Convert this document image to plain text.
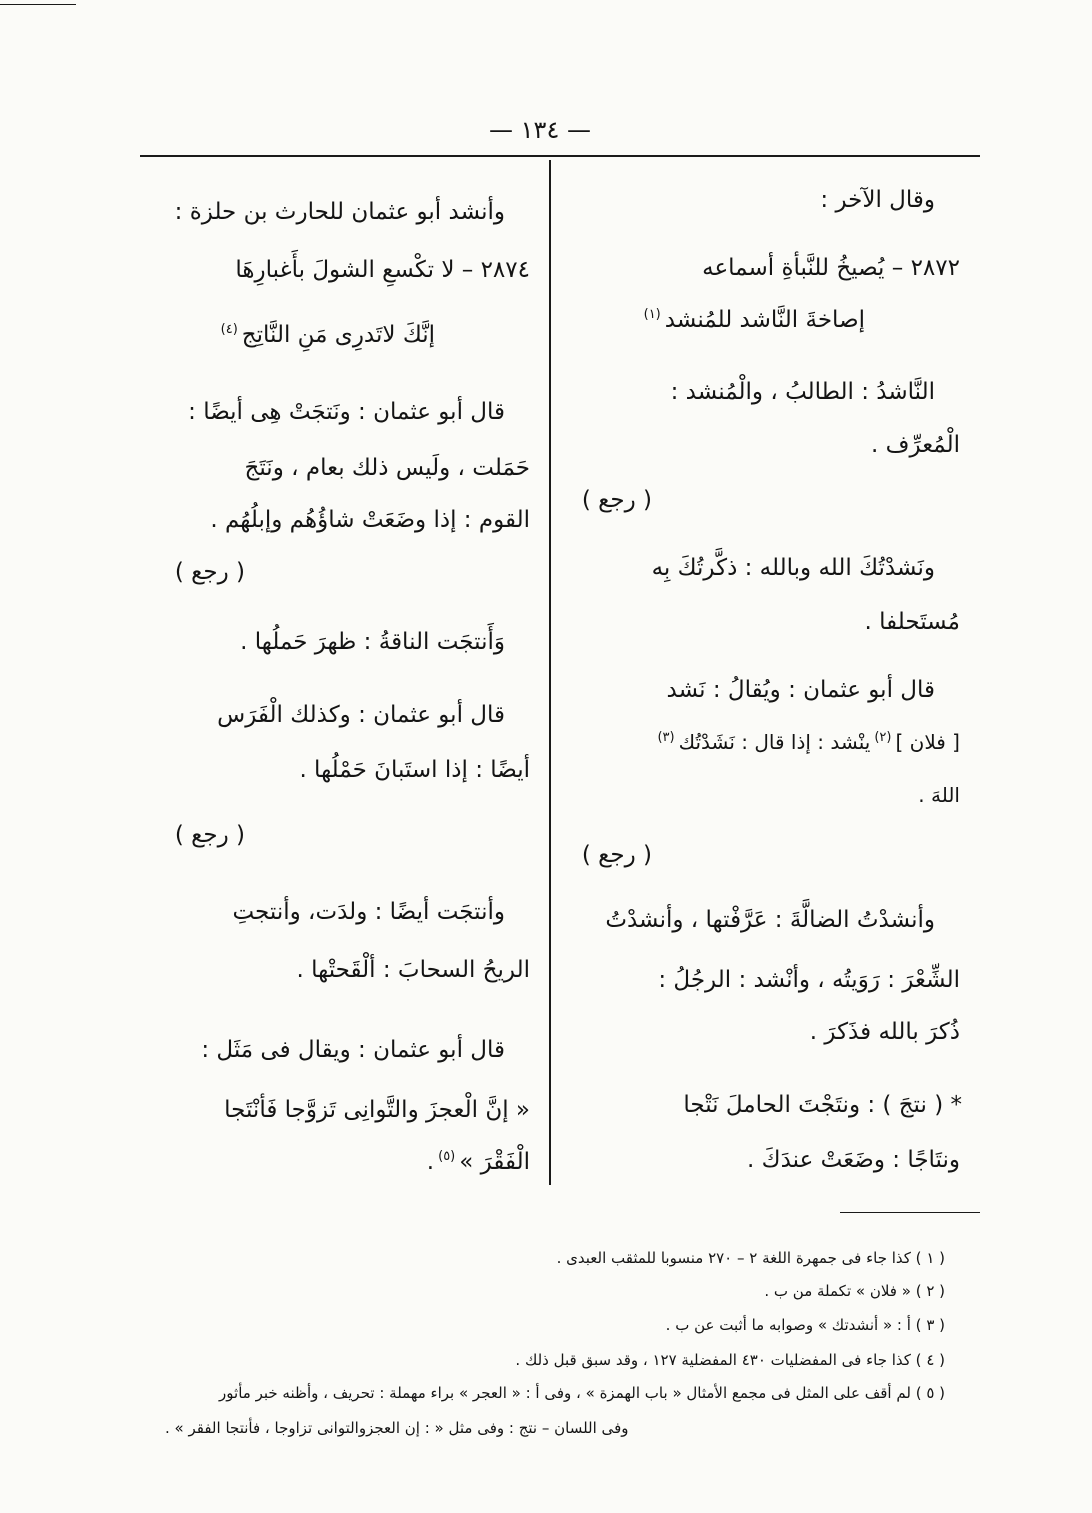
— ١٣٤ —
وقال الآخر :
٢٨٧٢ – يُصيخُ للنَّبأةِ أسماعه
إصاخةَ النَّاشد للمُنشد$^{(١)}$
النَّاشدُ : الطالبُ ، والْمُنشد :
الْمُعرِّف .
( رجع )
ونَشدْتُكَ الله وبالله : ذكَّرتُكَ بِه
مُستَحلفا .
قال أبو عثمان : ويُقالُ : نَشد
[ فلان ]$^{(٢)}$ينْشد : إذا قال : نَشَدْتُك$^{(٣)}$
اللهَ .
( رجع )
وأنشدْتُ الضالَّةَ : عَرَّفْتها ، وأنشدْتُ
الشِّعْرَ : رَوَيتُه ، وأنْشد : الرجُلُ :
ذُكرَ بالله فذَكرَ .
* ( نتجَ ) : ونتَجْتَ الحاملَ نَتْجا
ونتَاجًا : وضَعَتْ عندَكَ .
وأنشد أبو عثمان للحارث بن حلزة :
٢٨٧٤ – لا تكْسعِ الشولَ بأَغبارِهَا
إنَّكَ لاتَدرِى مَنِ النَّاتِج$^{(٤)}$
قال أبو عثمان : ونَتجَتْ هِى أيضًا :
حَمَلت ، ولَيس ذلك بعام ، ونَتَجَ
القوم : إذا وضَعَتْ شاؤُهُم وإبلُهُم .
( رجع )
وَأَنتجَت الناقةُ : ظهرَ حَملُها .
قال أبو عثمان : وكذلك الْفَرَس
أيضًا : إذا استَبانَ حَمْلُها .
( رجع )
وأنتجَت أيضًا : ولدَت، وأنتجتِ
الريحُ السحابَ : ألْقَحتْها .
قال أبو عثمان : ويقال فى مَثَل :
« إنَّ الْعجزَ والتَّوانِى تَزوَّجا فَأنْتَجا
الْفَقْرَ »$^{(٥)}$.
( ١ ) كذا جاء فى جمهرة اللغة ٢ – ٢٧٠ منسوبا للمثقب العبدى .
( ٢ ) « فلان » تكملة من ب .
( ٣ ) أ : « أنشدتك » وصوابه ما أثبت عن ب .
( ٤ ) كذا جاء فى المفضليات ٤٣٠ المفضلية ١٢٧ ، وقد سبق قبل ذلك .
( ٥ ) لم أقف على المثل فى مجمع الأمثال « باب الهمزة » ، وفى أ : « العجر » براء مهملة : تحريف ، وأظنه خبر مأثور
وفى اللسان – نتج : وفى مثل « : إن العجزوالتوانى تزاوجا ، فأنتجا الفقر » .
